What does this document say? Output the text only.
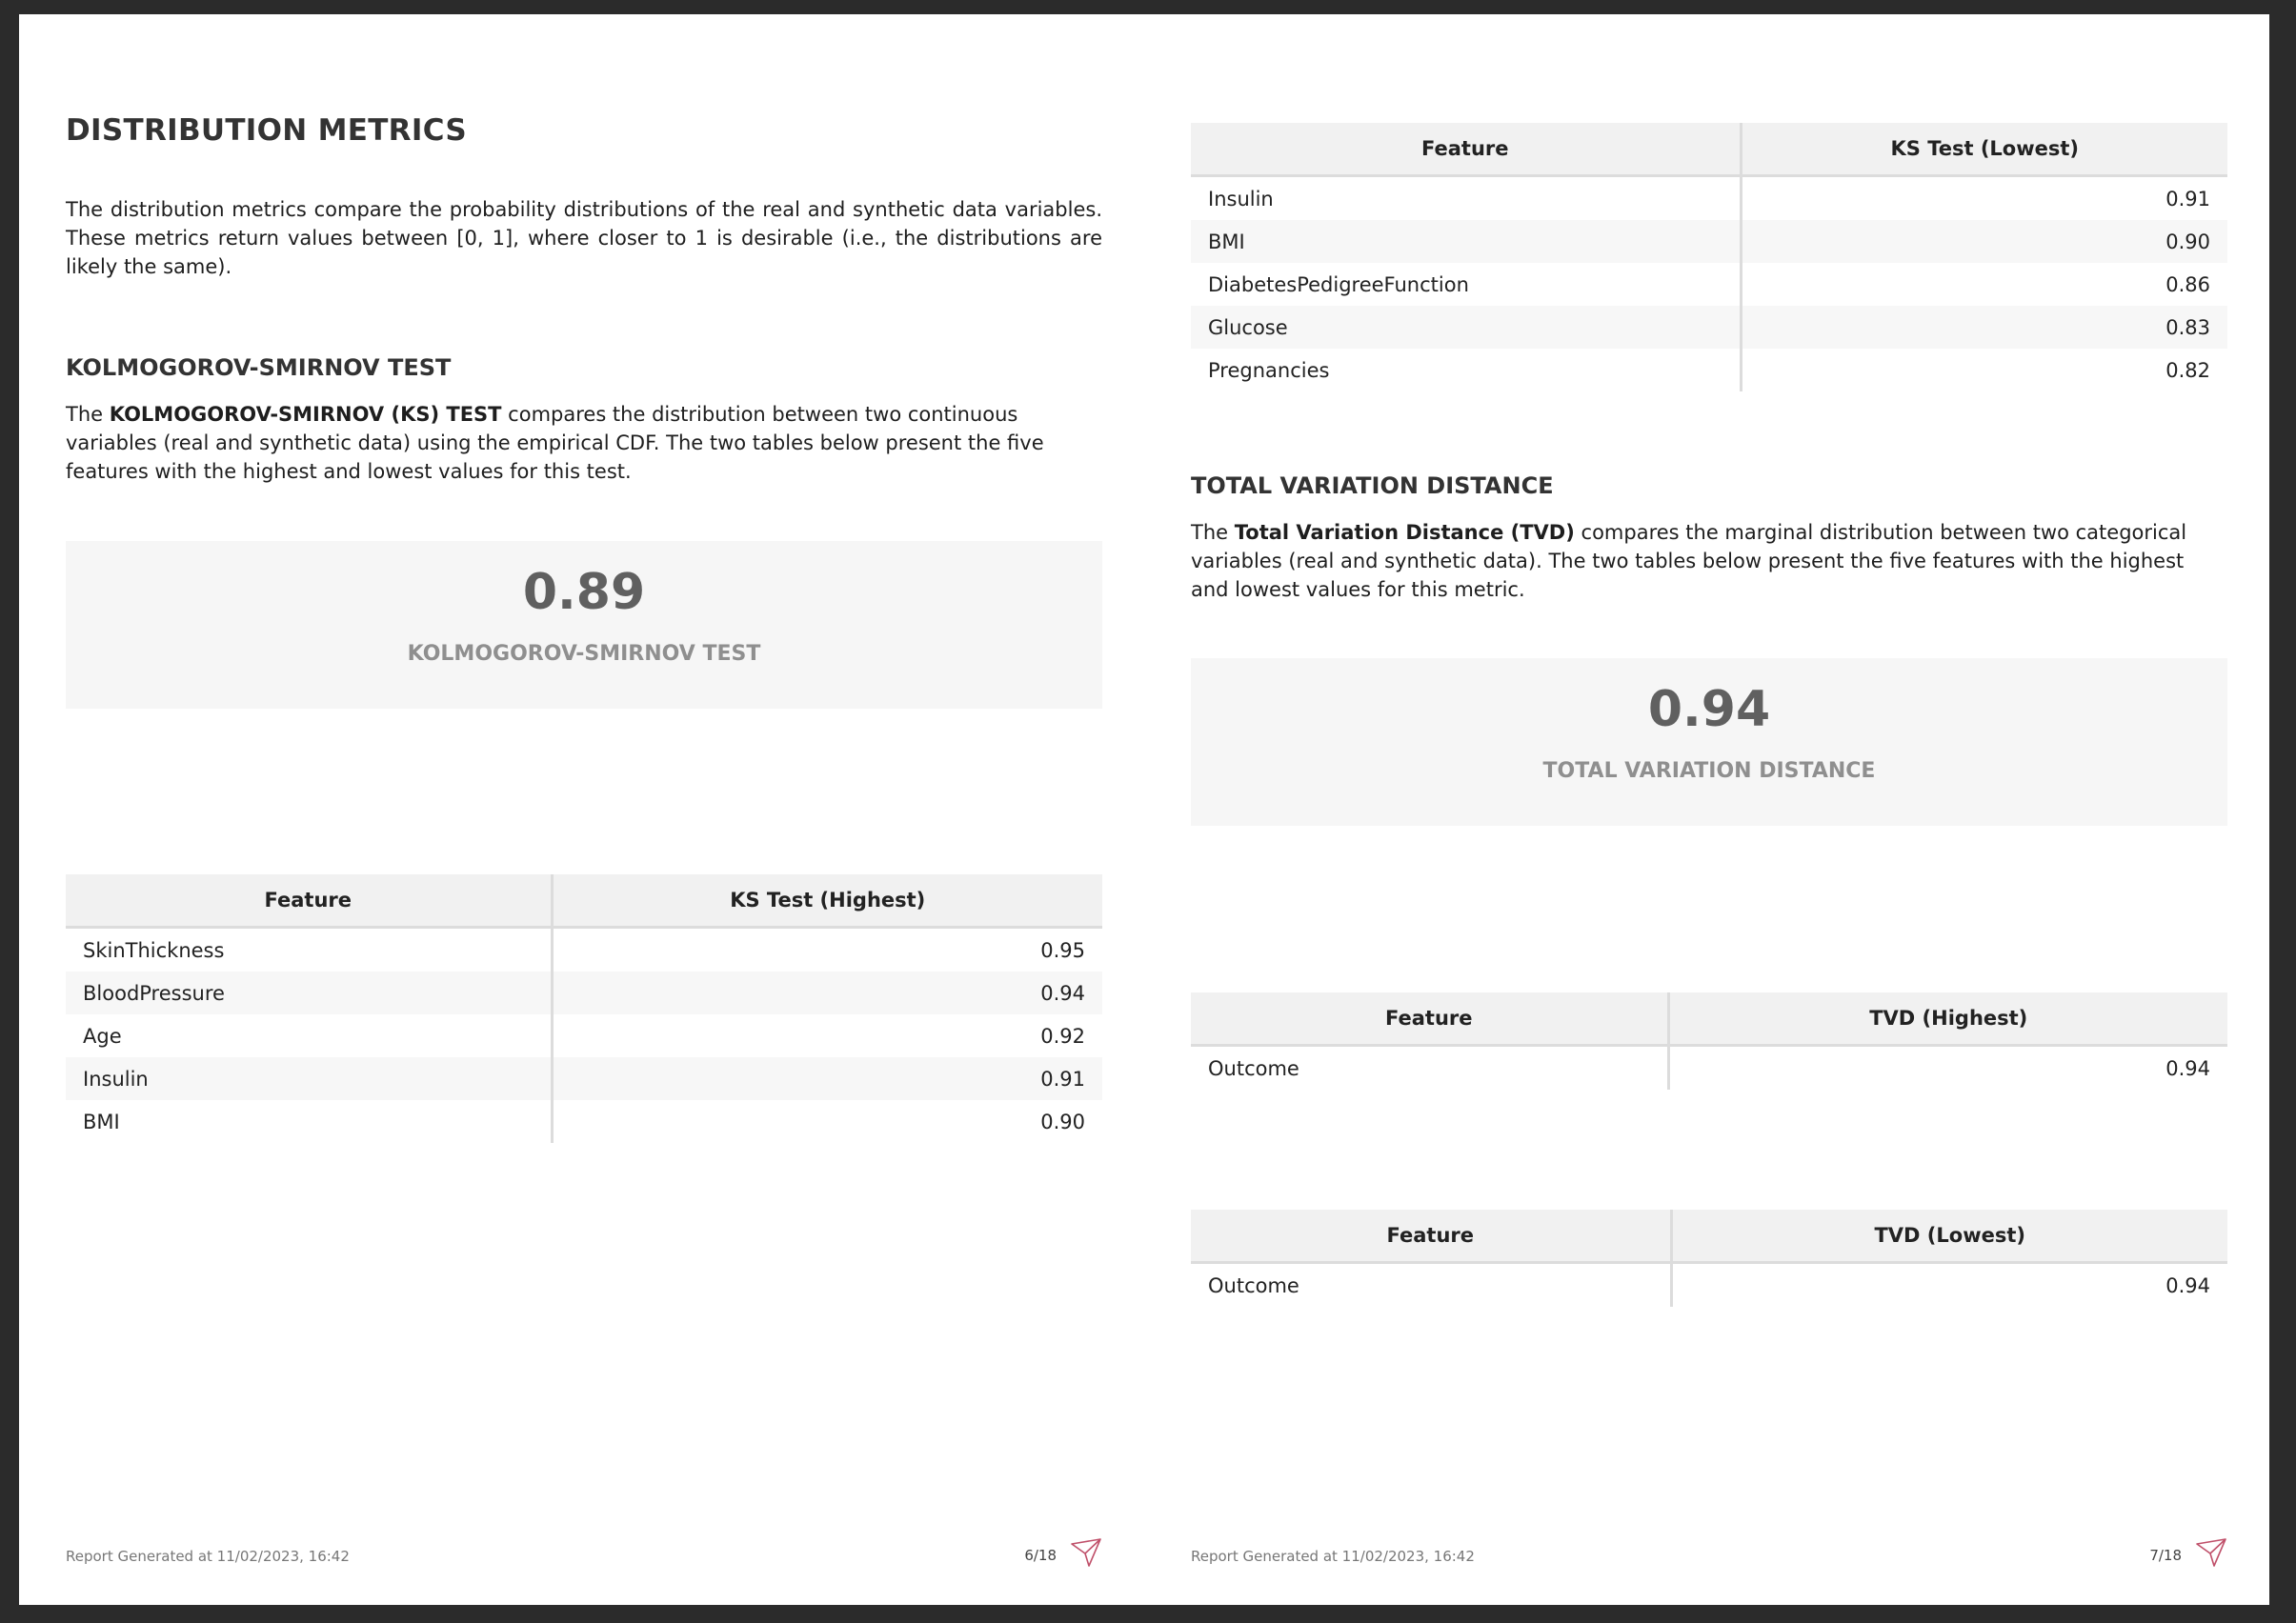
DISTRIBUTION METRICS

The distribution metrics compare the probability distributions of the real and synthetic data variables. These metrics return values between [0, 1], where closer to 1 is desirable (i.e., the distributions are likely the same).

KOLMOGOROV-SMIRNOV TEST

The KOLMOGOROV-SMIRNOV (KS) TEST compares the distribution between two continuous variables (real and synthetic data) using the empirical CDF. The two tables below present the five features with the highest and lowest values for this test.

0.89
KOLMOGOROV-SMIRNOV TEST
Feature	KS Test (Highest)
SkinThickness	0.95
BloodPressure	0.94
Age	0.92
Insulin	0.91
BMI	0.90
Report Generated at 11/02/2023, 16:42	6/18
Feature	KS Test (Lowest)
Insulin	0.91
BMI	0.90
DiabetesPedigreeFunction	0.86
Glucose	0.83
Pregnancies	0.82
TOTAL VARIATION DISTANCE

The Total Variation Distance (TVD) compares the marginal distribution between two categorical variables (real and synthetic data). The two tables below present the five features with the highest and lowest values for this metric.

0.94
TOTAL VARIATION DISTANCE
Feature	TVD (Highest)
Outcome	0.94
Feature	TVD (Lowest)
Outcome	0.94
Report Generated at 11/02/2023, 16:42	7/18
